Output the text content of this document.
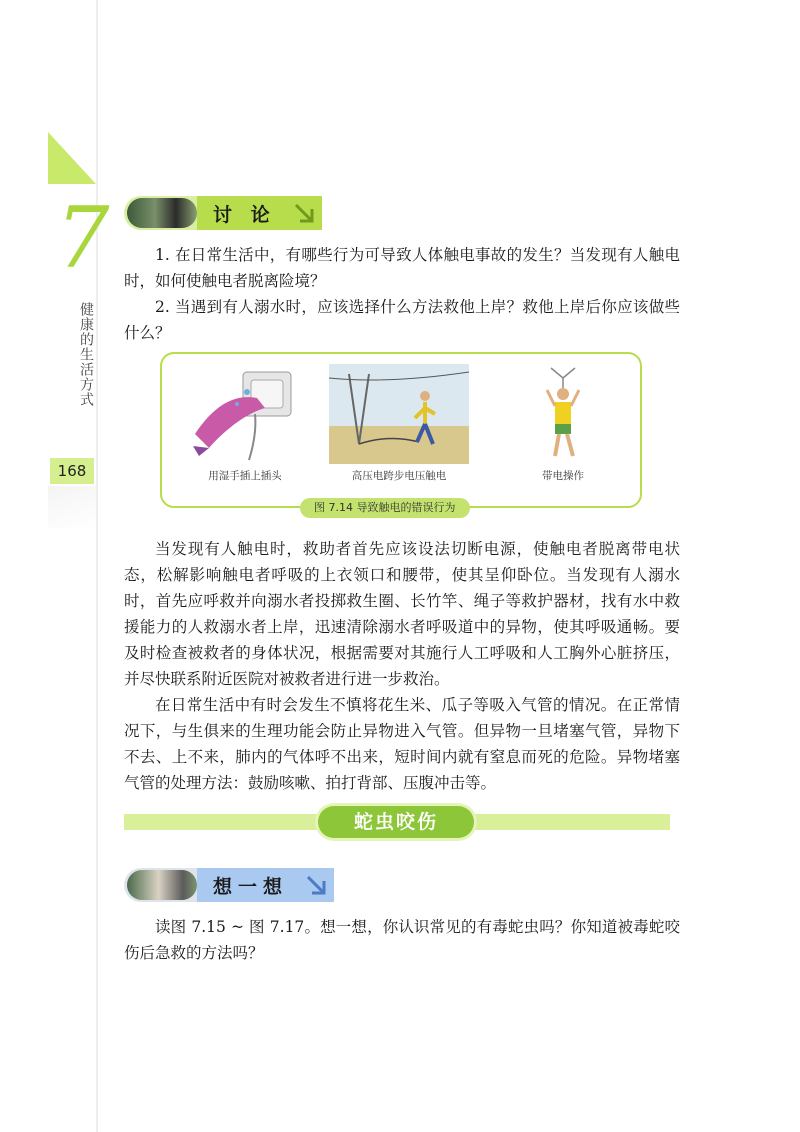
7
健康的生活方式
168
讨 论

1. 在日常生活中，有哪些行为可导致人体触电事故的发生？当发现有人触电时，如何使触电者脱离险境？

2. 当遇到有人溺水时，应该选择什么方法救他上岸？救他上岸后你应该做些什么？

用湿手插上插头	高压电跨步电压触电	带电操作
图 7.14 导致触电的错误行为

当发现有人触电时，救助者首先应该设法切断电源，使触电者脱离带电状态，松解影响触电者呼吸的上衣领口和腰带，使其呈仰卧位。当发现有人溺水时，首先应呼救并向溺水者投掷救生圈、长竹竿、绳子等救护器材，找有水中救援能力的人救溺水者上岸，迅速清除溺水者呼吸道中的异物，使其呼吸通畅。要及时检查被救者的身体状况，根据需要对其施行人工呼吸和人工胸外心脏挤压，并尽快联系附近医院对被救者进行进一步救治。

在日常生活中有时会发生不慎将花生米、瓜子等吸入气管的情况。在正常情况下，与生俱来的生理功能会防止异物进入气管。但异物一旦堵塞气管，异物下不去、上不来，肺内的气体呼不出来，短时间内就有窒息而死的危险。异物堵塞气管的处理方法：鼓励咳嗽、拍打背部、压腹冲击等。

蛇虫咬伤
想一想

读图 7.15 ~ 图 7.17。想一想，你认识常见的有毒蛇虫吗？你知道被毒蛇咬伤后急救的方法吗？
